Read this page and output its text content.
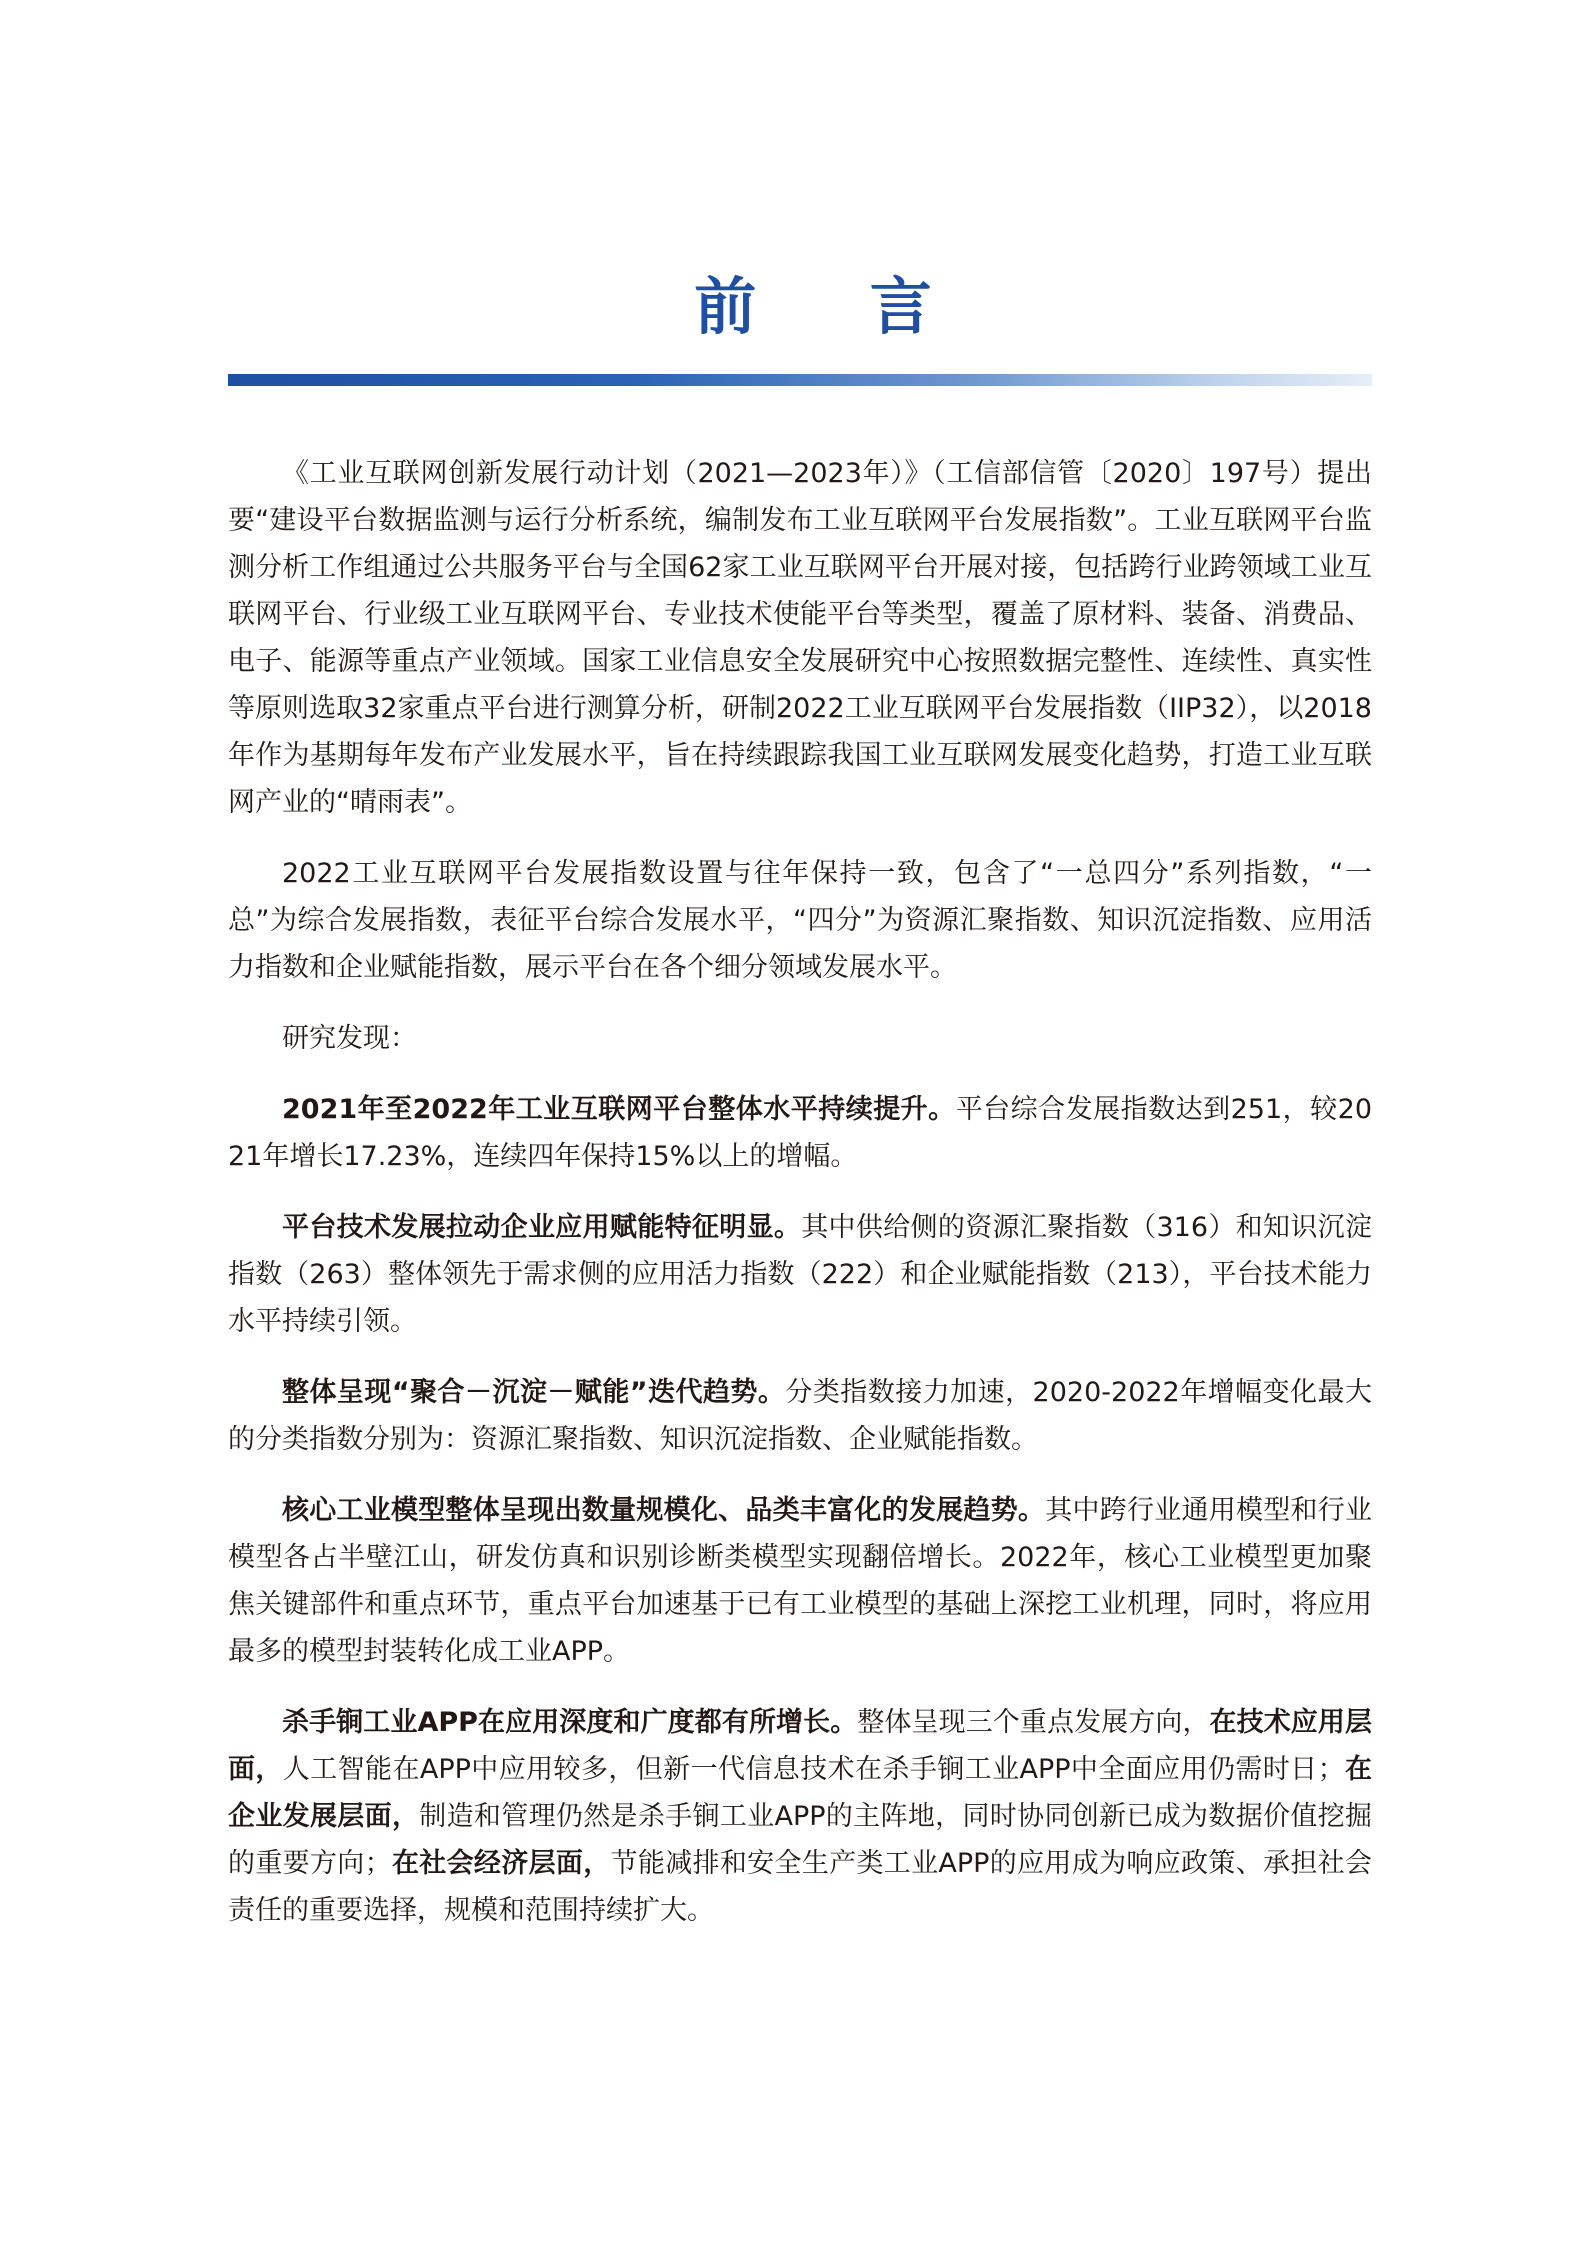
前 言

《工业互联网创新发展行动计划（2021—2023年）》（工信部信管〔2020〕197号）提出要“建设平台数据监测与运行分析系统，编制发布工业互联网平台发展指数”。工业互联网平台监测分析工作组通过公共服务平台与全国62家工业互联网平台开展对接，包括跨行业跨领域工业互联网平台、行业级工业互联网平台、专业技术使能平台等类型，覆盖了原材料、装备、消费品、电子、能源等重点产业领域。国家工业信息安全发展研究中心按照数据完整性、连续性、真实性等原则选取32家重点平台进行测算分析，研制2022工业互联网平台发展指数（IIP32），以2018年作为基期每年发布产业发展水平，旨在持续跟踪我国工业互联网发展变化趋势，打造工业互联网产业的“晴雨表”。

2022工业互联网平台发展指数设置与往年保持一致，包含了“一总四分”系列指数，“一总”为综合发展指数，表征平台综合发展水平，“四分”为资源汇聚指数、知识沉淀指数、应用活力指数和企业赋能指数，展示平台在各个细分领域发展水平。

研究发现：

2021年至2022年工业互联网平台整体水平持续提升。平台综合发展指数达到251，较2021年增长17.23%，连续四年保持15%以上的增幅。

平台技术发展拉动企业应用赋能特征明显。其中供给侧的资源汇聚指数（316）和知识沉淀指数（263）整体领先于需求侧的应用活力指数（222）和企业赋能指数（213），平台技术能力水平持续引领。

整体呈现“聚合－沉淀－赋能”迭代趋势。分类指数接力加速，2020-2022年增幅变化最大的分类指数分别为：资源汇聚指数、知识沉淀指数、企业赋能指数。

核心工业模型整体呈现出数量规模化、品类丰富化的发展趋势。其中跨行业通用模型和行业模型各占半壁江山，研发仿真和识别诊断类模型实现翻倍增长。2022年，核心工业模型更加聚焦关键部件和重点环节，重点平台加速基于已有工业模型的基础上深挖工业机理，同时，将应用最多的模型封装转化成工业APP。

杀手锏工业APP在应用深度和广度都有所增长。整体呈现三个重点发展方向，在技术应用层面，人工智能在APP中应用较多，但新一代信息技术在杀手锏工业APP中全面应用仍需时日；在企业发展层面，制造和管理仍然是杀手锏工业APP的主阵地，同时协同创新已成为数据价值挖掘的重要方向；在社会经济层面，节能减排和安全生产类工业APP的应用成为响应政策、承担社会责任的重要选择，规模和范围持续扩大。
